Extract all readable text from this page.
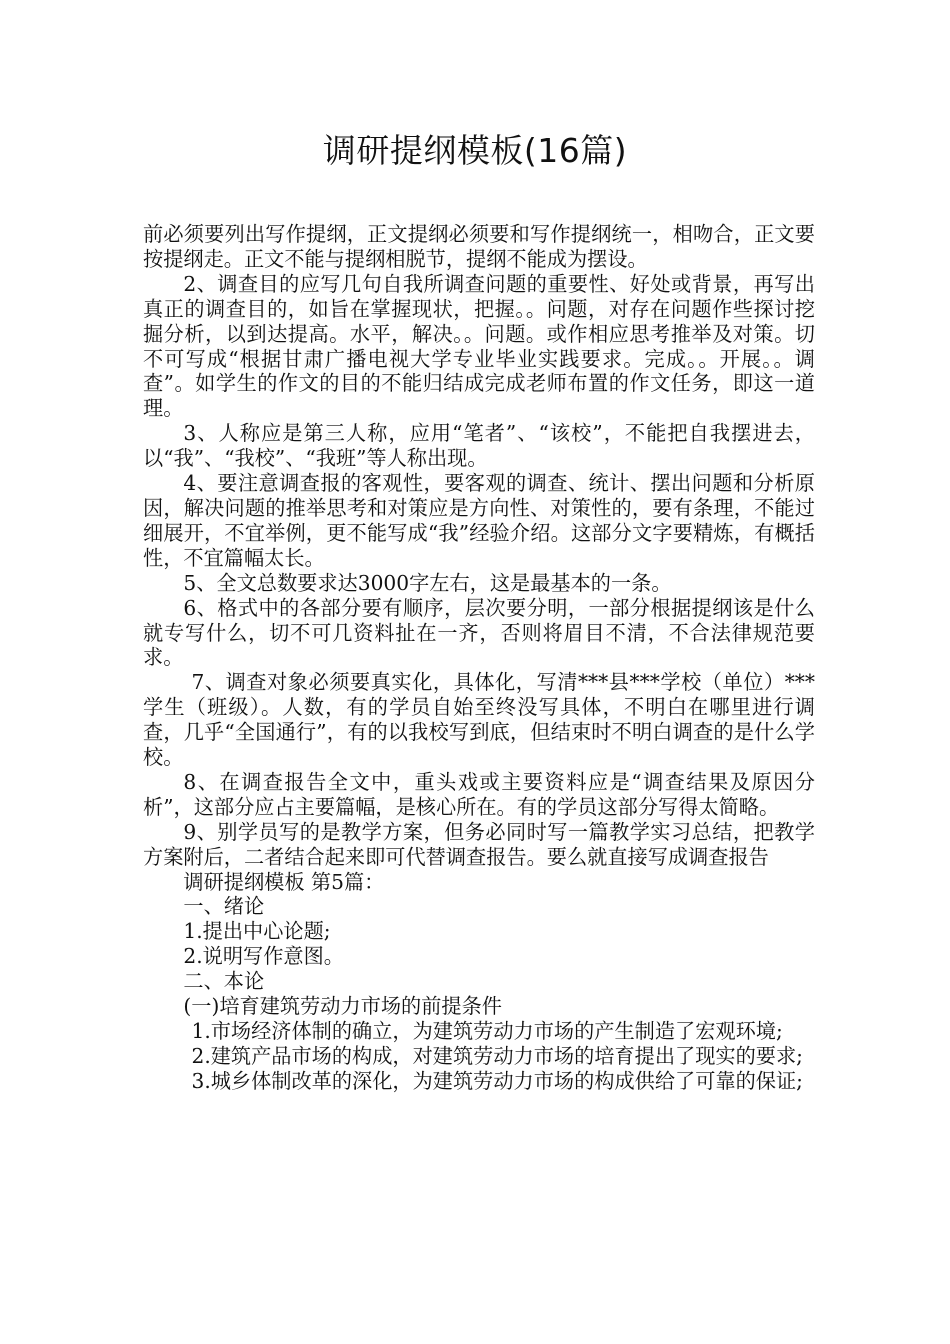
调研提纲模板(16篇)

前必须要列出写作提纲，正文提纲必须要和写作提纲统一，相吻合，正文要按提纲走。正文不能与提纲相脱节，提纲不能成为摆设。

2、调查目的应写几句自我所调查问题的重要性、好处或背景，再写出真正的调查目的，如旨在掌握现状，把握。。问题，对存在问题作些探讨挖掘分析，以到达提高。水平，解决。。问题。或作相应思考推举及对策。切不可写成“根据甘肃广播电视大学专业毕业实践要求。完成。。开展。。调查”。如学生的作文的目的不能归结成完成老师布置的作文任务，即这一道理。

3、人称应是第三人称，应用“笔者”、“该校”，不能把自我摆进去，以“我”、“我校”、“我班”等人称出现。

4、要注意调查报的客观性，要客观的调查、统计、摆出问题和分析原因，解决问题的推举思考和对策应是方向性、对策性的，要有条理，不能过细展开，不宜举例，更不能写成“我”经验介绍。这部分文字要精炼，有概括性，不宜篇幅太长。

5、全文总数要求达3000字左右，这是最基本的一条。

6、格式中的各部分要有顺序，层次要分明，一部分根据提纲该是什么就专写什么，切不可几资料扯在一齐，否则将眉目不清，不合法律规范要求。

7、调查对象必须要真实化，具体化，写清***县***学校（单位）***学生（班级）。人数，有的学员自始至终没写具体，不明白在哪里进行调查，几乎“全国通行”，有的以我校写到底，但结束时不明白调查的是什么学校。

8、在调查报告全文中，重头戏或主要资料应是“调查结果及原因分析”，这部分应占主要篇幅，是核心所在。有的学员这部分写得太简略。

9、别学员写的是教学方案，但务必同时写一篇教学实习总结，把教学方案附后，二者结合起来即可代替调查报告。要么就直接写成调查报告

调研提纲模板 第5篇：

一、绪论

1.提出中心论题;

2.说明写作意图。

二、本论

(一)培育建筑劳动力市场的前提条件

1.市场经济体制的确立，为建筑劳动力市场的产生制造了宏观环境;

2.建筑产品市场的构成，对建筑劳动力市场的培育提出了现实的要求;

3.城乡体制改革的深化，为建筑劳动力市场的构成供给了可靠的保证;
